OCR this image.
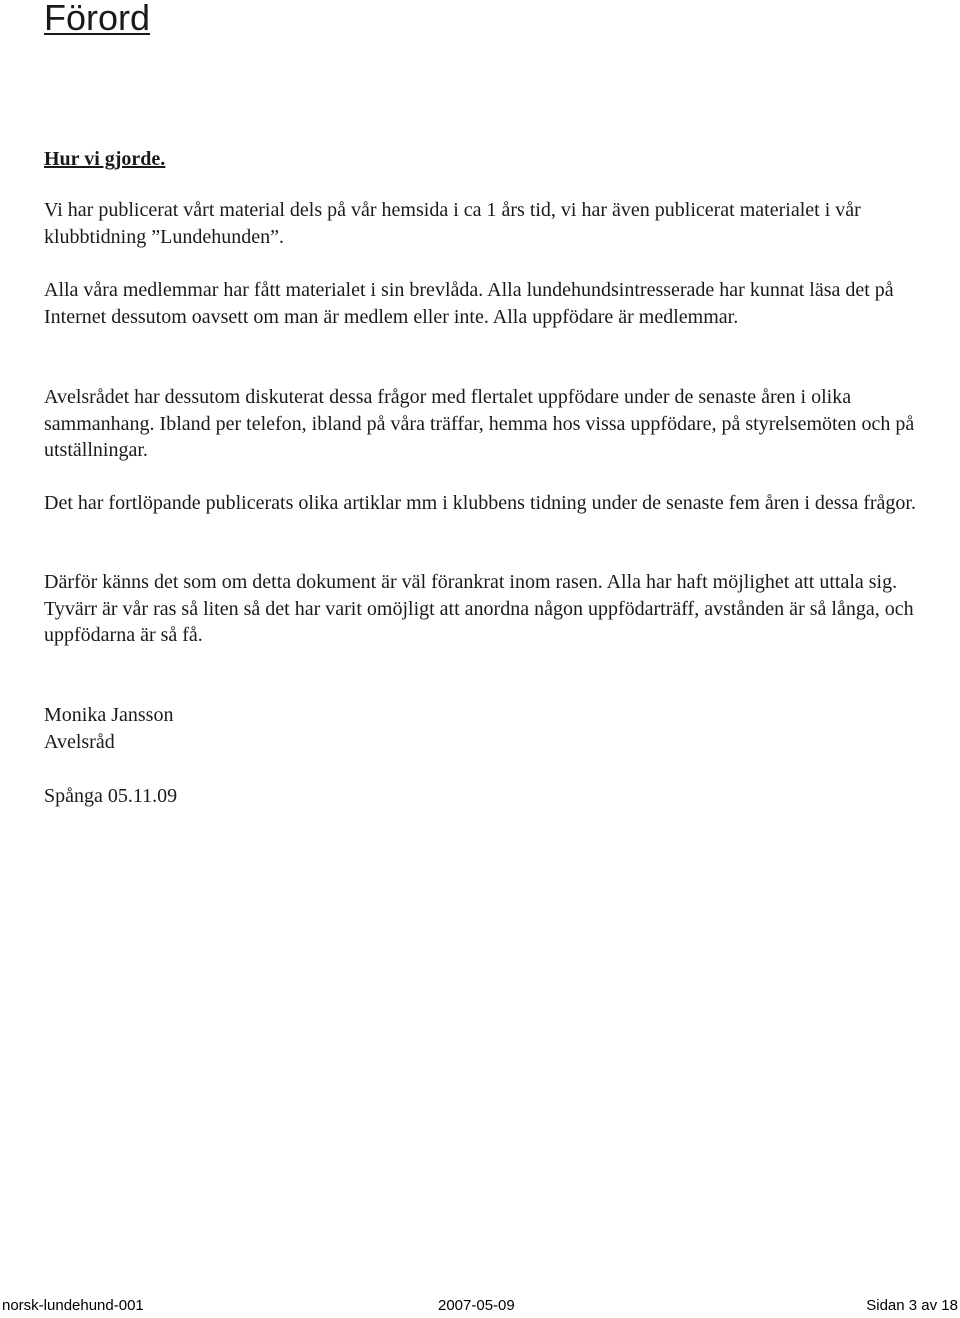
Förord
Hur vi gjorde.

Vi har publicerat vårt material dels på vår hemsida i ca 1 års tid, vi har även publicerat materialet i vår klubbtidning ”Lundehunden”.

Alla våra medlemmar har fått materialet i sin brevlåda. Alla lundehundsintresserade har kunnat läsa det på Internet dessutom oavsett om man är medlem eller inte. Alla uppfödare är medlemmar.

Avelsrådet har dessutom diskuterat dessa frågor med flertalet uppfödare under de senaste åren i olika sammanhang. Ibland per telefon, ibland på våra träffar, hemma hos vissa uppfödare, på styrelsemöten och på utställningar.

Det har fortlöpande publicerats olika artiklar mm i klubbens tidning under de senaste fem åren i dessa frågor.

Därför känns det som om detta dokument är väl förankrat inom rasen. Alla har haft möjlighet att uttala sig. Tyvärr är vår ras så liten så det har varit omöjligt att anordna någon uppfödarträff, avstånden är så långa, och uppfödarna är så få.

Monika Jansson

Avelsråd

Spånga 05.11.09

norsk-lundehund-001	2007-05-09	Sidan 3 av 18
